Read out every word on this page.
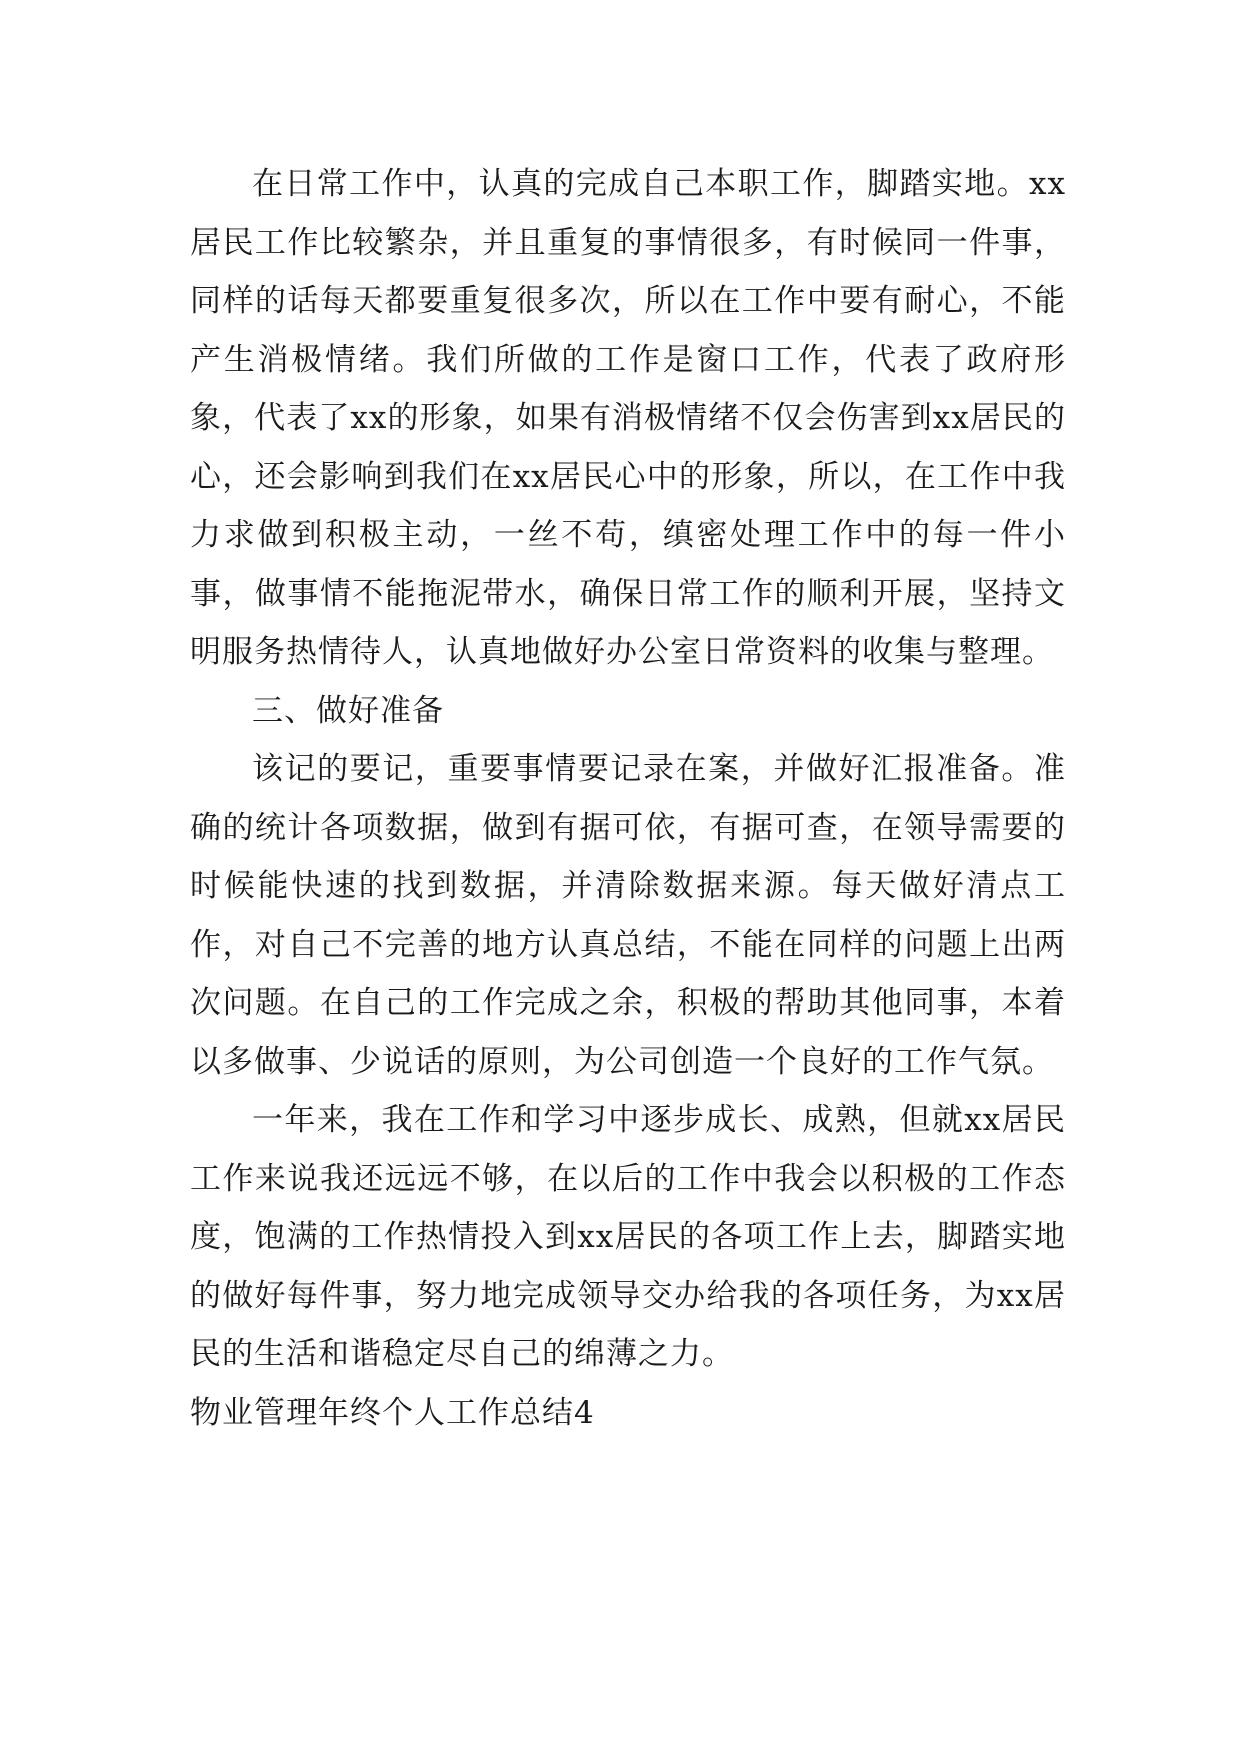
在日常工作中，认真的完成自己本职工作，脚踏实地。xx居民工作比较繁杂，并且重复的事情很多，有时候同一件事，同样的话每天都要重复很多次，所以在工作中要有耐心，不能产生消极情绪。我们所做的工作是窗口工作，代表了政府形象，代表了xx的形象，如果有消极情绪不仅会伤害到xx居民的心，还会影响到我们在xx居民心中的形象，所以，在工作中我力求做到积极主动，一丝不苟，缜密处理工作中的每一件小事，做事情不能拖泥带水，确保日常工作的顺利开展，坚持文明服务热情待人，认真地做好办公室日常资料的收集与整理。

三、做好准备

该记的要记，重要事情要记录在案，并做好汇报准备。准确的统计各项数据，做到有据可依，有据可查，在领导需要的时候能快速的找到数据，并清除数据来源。每天做好清点工作，对自己不完善的地方认真总结，不能在同样的问题上出两次问题。在自己的工作完成之余，积极的帮助其他同事，本着以多做事、少说话的原则，为公司创造一个良好的工作气氛。

一年来，我在工作和学习中逐步成长、成熟，但就xx居民工作来说我还远远不够，在以后的工作中我会以积极的工作态度，饱满的工作热情投入到xx居民的各项工作上去，脚踏实地的做好每件事，努力地完成领导交办给我的各项任务，为xx居民的生活和谐稳定尽自己的绵薄之力。

物业管理年终个人工作总结4
